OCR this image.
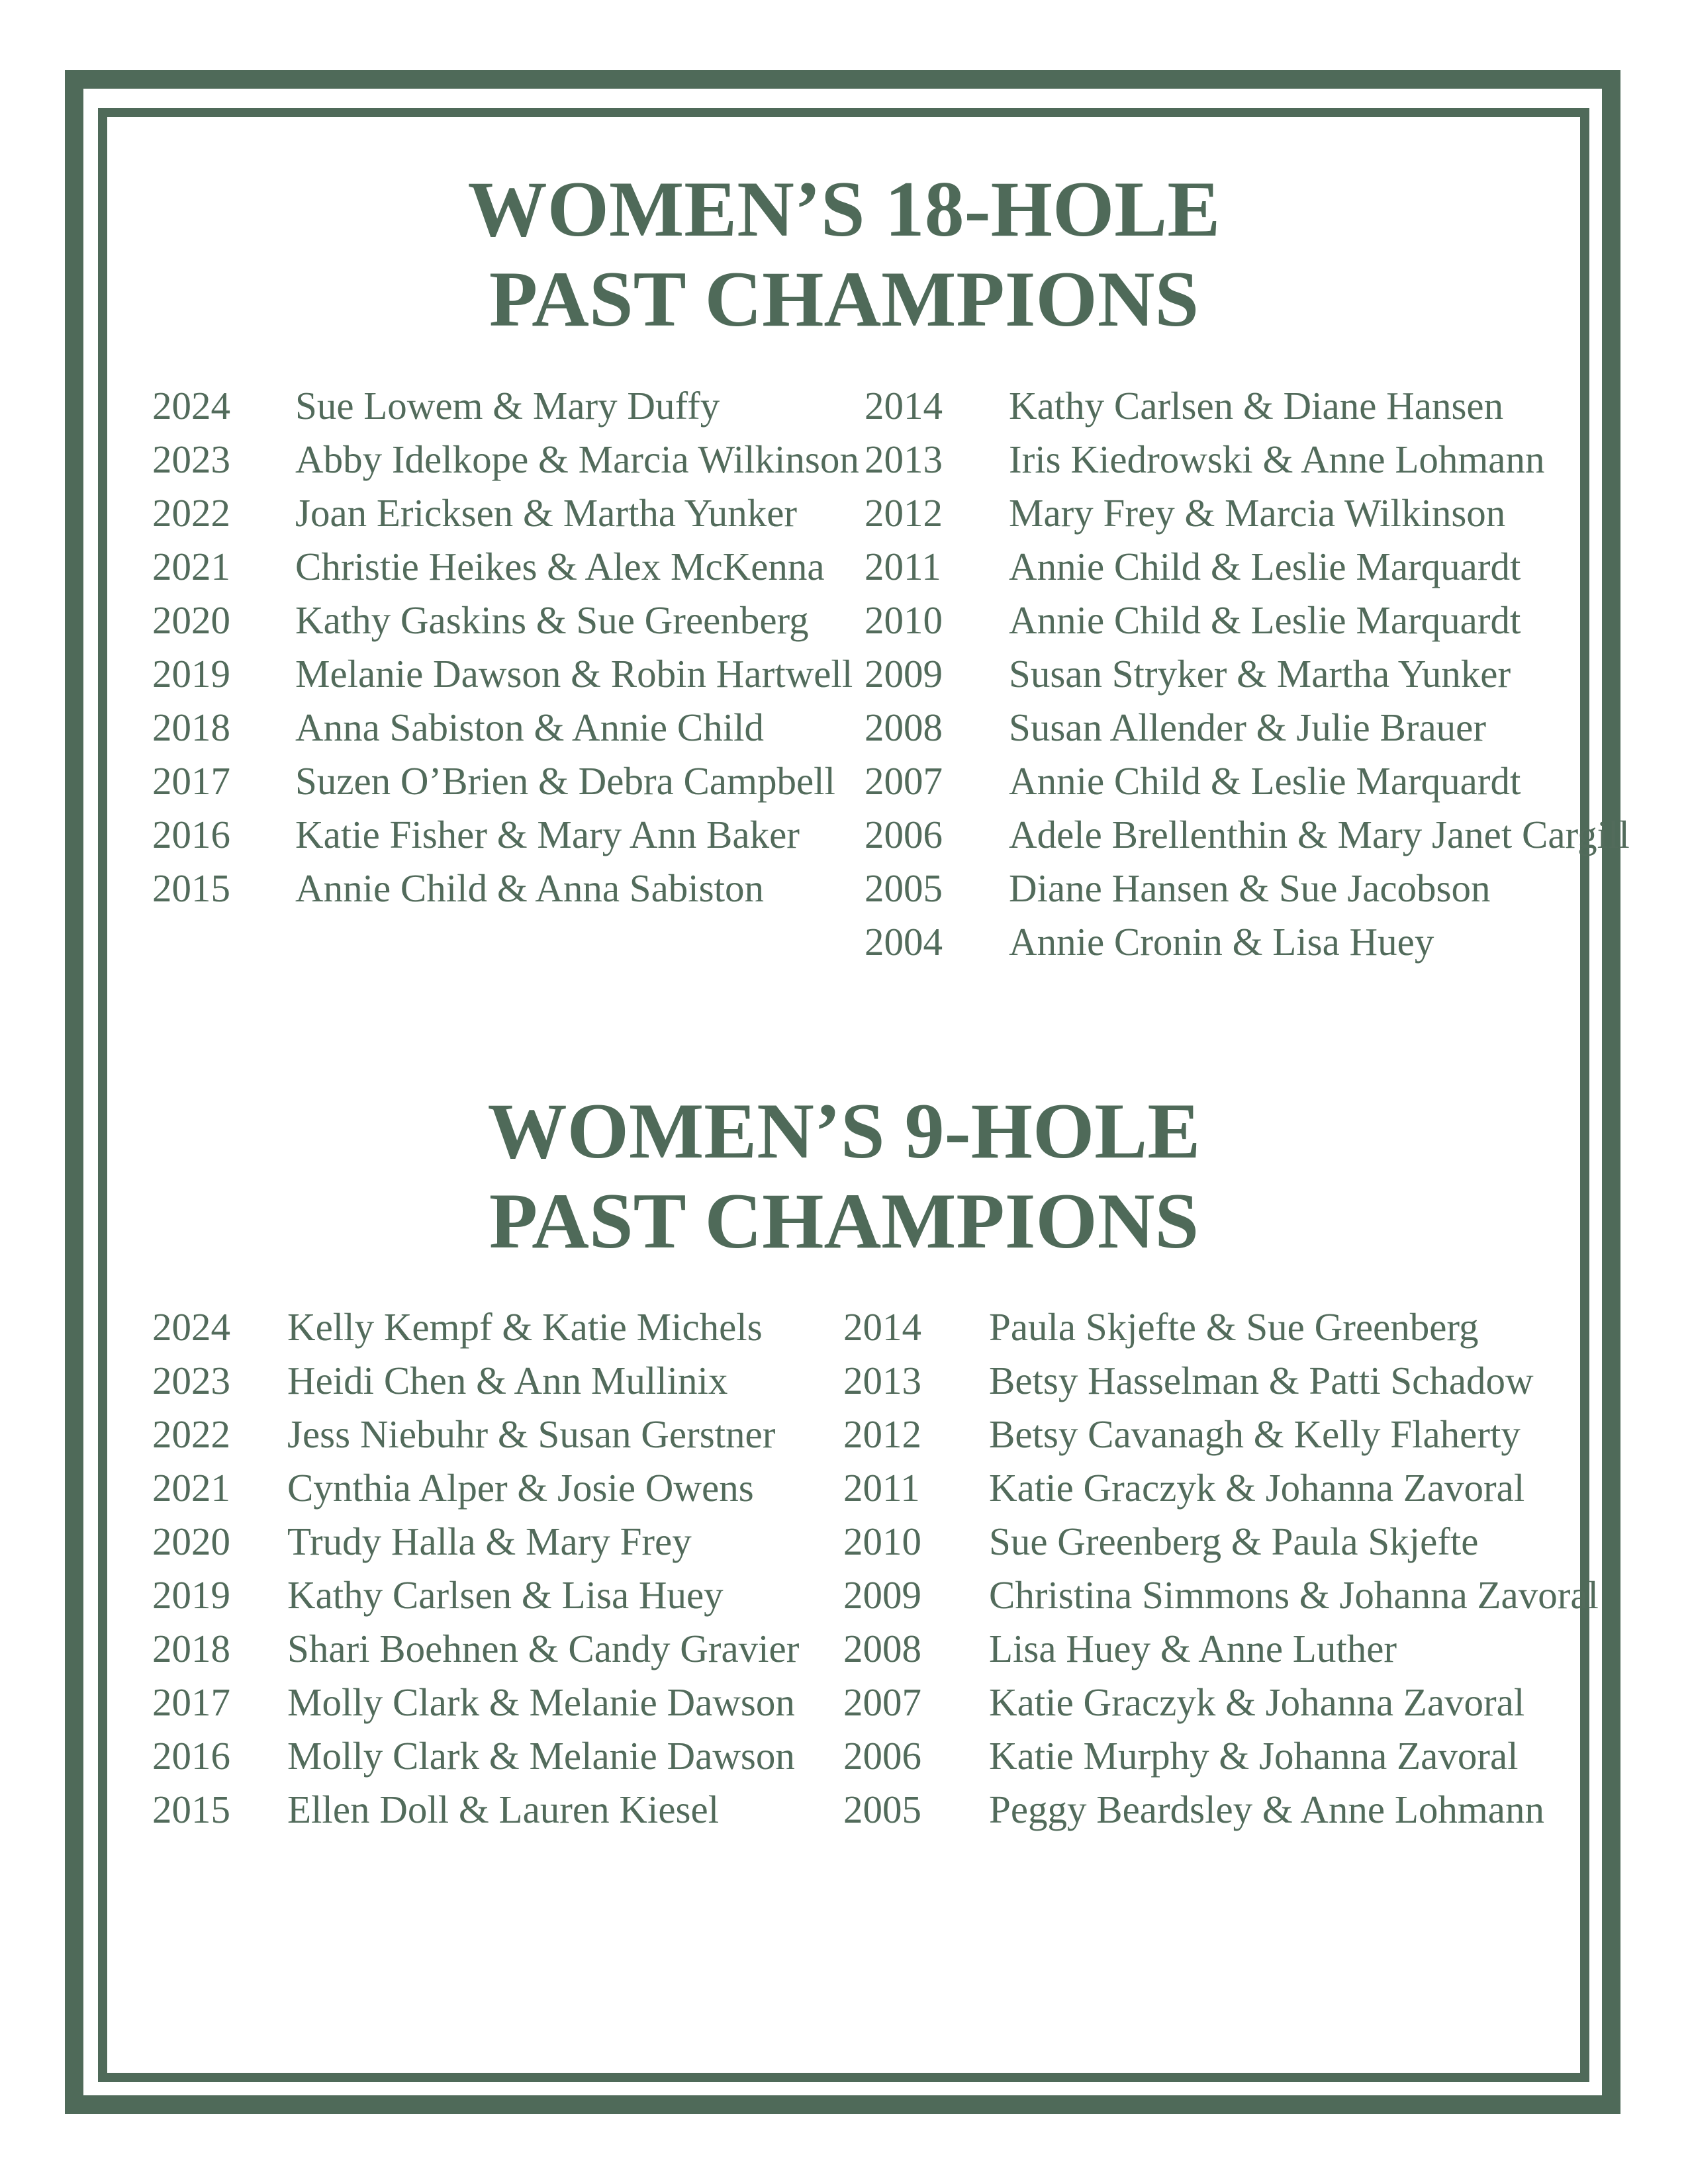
WOMEN’S 18-HOLE
PAST CHAMPIONS
2024 Sue Lowem & Mary Duffy
2023 Abby Idelkope & Marcia Wilkinson
2022 Joan Ericksen & Martha Yunker
2021 Christie Heikes & Alex McKenna
2020 Kathy Gaskins & Sue Greenberg
2019 Melanie Dawson & Robin Hartwell
2018 Anna Sabiston & Annie Child
2017 Suzen O’Brien & Debra Campbell
2016 Katie Fisher & Mary Ann Baker
2015 Annie Child & Anna Sabiston
2014 Kathy Carlsen & Diane Hansen
2013 Iris Kiedrowski & Anne Lohmann
2012 Mary Frey & Marcia Wilkinson
2011 Annie Child & Leslie Marquardt
2010 Annie Child & Leslie Marquardt
2009 Susan Stryker & Martha Yunker
2008 Susan Allender & Julie Brauer
2007 Annie Child & Leslie Marquardt
2006 Adele Brellenthin & Mary Janet Cargill
2005 Diane Hansen & Sue Jacobson
2004 Annie Cronin & Lisa Huey
WOMEN’S 9-HOLE
PAST CHAMPIONS
2024 Kelly Kempf & Katie Michels
2023 Heidi Chen & Ann Mullinix
2022 Jess Niebuhr & Susan Gerstner
2021 Cynthia Alper & Josie Owens
2020 Trudy Halla & Mary Frey
2019 Kathy Carlsen & Lisa Huey
2018 Shari Boehnen & Candy Gravier
2017 Molly Clark & Melanie Dawson
2016 Molly Clark & Melanie Dawson
2015 Ellen Doll & Lauren Kiesel
2014 Paula Skjefte & Sue Greenberg
2013 Betsy Hasselman & Patti Schadow
2012 Betsy Cavanagh & Kelly Flaherty
2011 Katie Graczyk & Johanna Zavoral
2010 Sue Greenberg & Paula Skjefte
2009 Christina Simmons & Johanna Zavoral
2008 Lisa Huey & Anne Luther
2007 Katie Graczyk & Johanna Zavoral
2006 Katie Murphy & Johanna Zavoral
2005 Peggy Beardsley & Anne Lohmann
